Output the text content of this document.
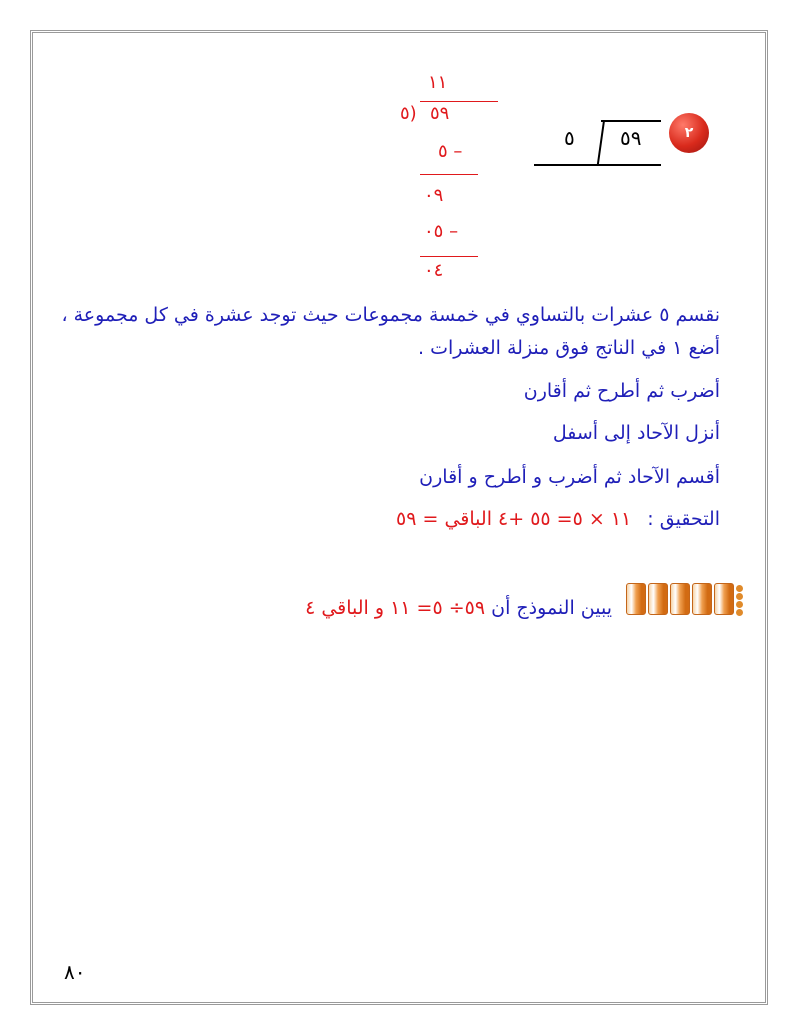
٢
٥ ٥٩
١١
٥) ٥٩
٥ –
٠٩
٠٥ –
٠٤
نقسم ٥ عشرات بالتساوي في خمسة مجموعات حيث توجد عشرة في كل مجموعة ،
أضع ١ في الناتج فوق منزلة العشرات .
أضرب ثم أطرح ثم أقارن
أنزل الآحاد إلى أسفل
أقسم الآحاد ثم أضرب و أطرح و أقارن
التحقيق : ١١ × ٥= ٥٥ +٤ الباقي = ٥٩
يبين النموذج أن ٥٩÷ ٥= ١١ و الباقي ٤
٨٠
